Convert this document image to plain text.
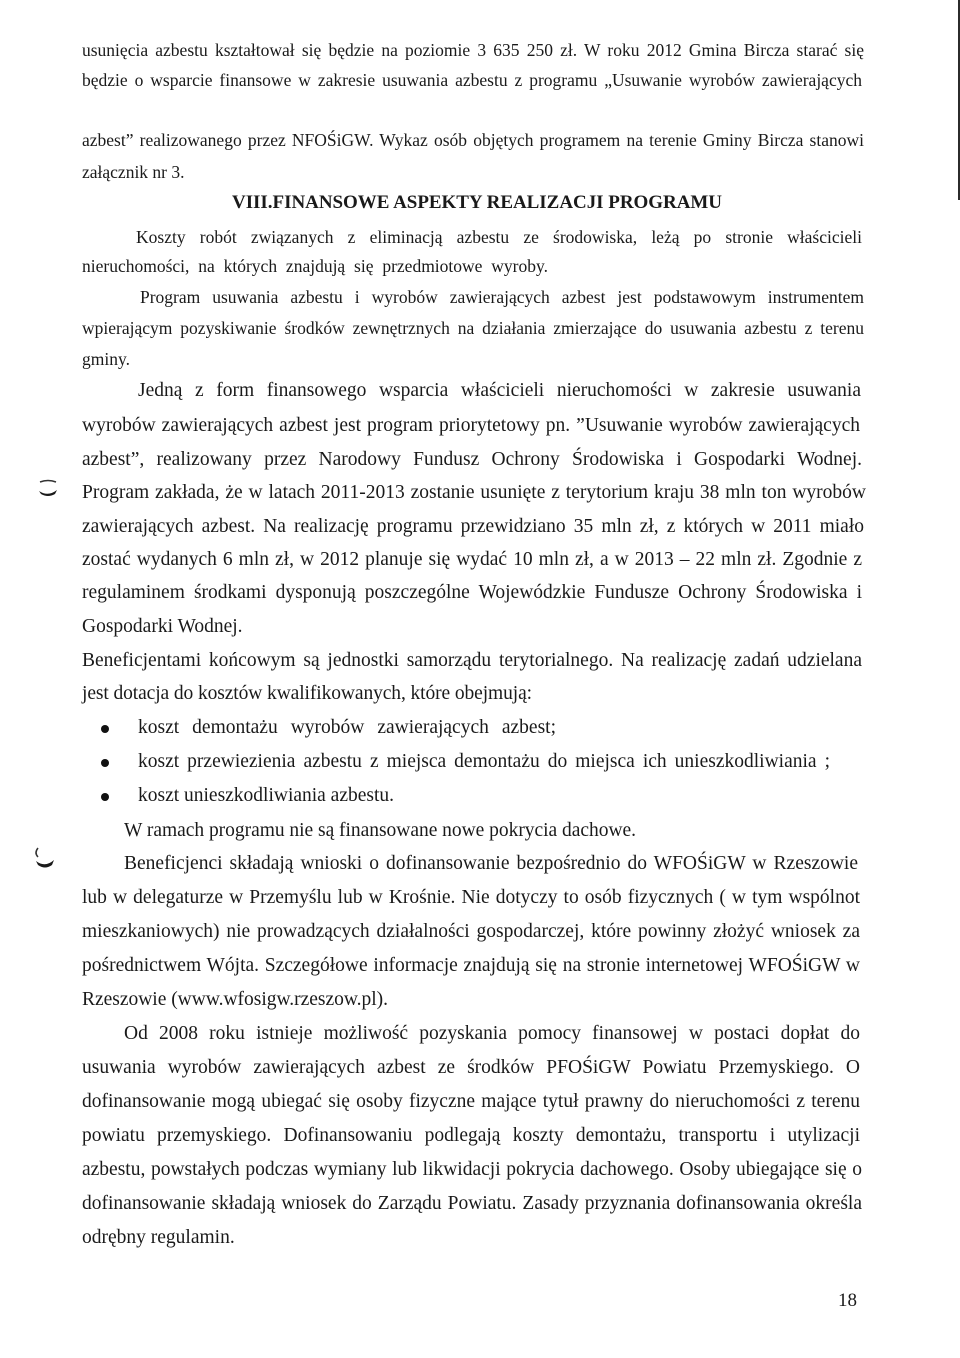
usunięcia azbestu kształtował się będzie na poziomie 3 635 250 zł. W roku 2012 Gmina Bircza starać się
będzie o wsparcie finansowe w zakresie usuwania azbestu z programu „Usuwanie wyrobów zawierających
azbest” realizowanego przez NFOŚiGW. Wykaz osób objętych programem na terenie Gminy Bircza stanowi
załącznik nr 3.
VIII.FINANSOWE ASPEKTY REALIZACJI PROGRAMU
Koszty robót związanych z eliminacją azbestu ze środowiska, leżą po stronie właścicieli
nieruchomości, na których znajdują się przedmiotowe wyroby.
Program usuwania azbestu i wyrobów zawierających azbest jest podstawowym instrumentem
wpierającym pozyskiwanie środków zewnętrznych na działania zmierzające do usuwania azbestu z terenu
gminy.
Jedną z form finansowego wsparcia właścicieli nieruchomości w zakresie usuwania
wyrobów zawierających azbest jest program priorytetowy pn. ”Usuwanie wyrobów zawierających
azbest”, realizowany przez Narodowy Fundusz Ochrony Środowiska i Gospodarki Wodnej.
Program zakłada, że w latach 2011-2013 zostanie usunięte z terytorium kraju 38 mln ton wyrobów
zawierających azbest. Na realizację programu przewidziano 35 mln zł, z których w 2011 miało
zostać wydanych 6 mln zł, w 2012 planuje się wydać 10 mln zł, a w 2013 – 22 mln zł. Zgodnie z
regulaminem środkami dysponują poszczególne Wojewódzkie Fundusze Ochrony Środowiska i
Gospodarki Wodnej.
Beneficjentami końcowym są jednostki samorządu terytorialnego. Na realizację zadań udzielana
jest dotacja do kosztów kwalifikowanych, które obejmują:
koszt demontażu wyrobów zawierających azbest;
koszt przewiezienia azbestu z miejsca demontażu do miejsca ich unieszkodliwiania ;
koszt unieszkodliwiania azbestu.
W ramach programu nie są finansowane nowe pokrycia dachowe.
Beneficjenci składają wnioski o dofinansowanie bezpośrednio do WFOŚiGW w Rzeszowie
lub w delegaturze w Przemyślu lub w Krośnie. Nie dotyczy to osób fizycznych ( w tym wspólnot
mieszkaniowych) nie prowadzących działalności gospodarczej, które powinny złożyć wniosek za
pośrednictwem Wójta. Szczegółowe informacje znajdują się na stronie internetowej WFOŚiGW w
Rzeszowie (www.wfosigw.rzeszow.pl).
Od 2008 roku istnieje możliwość pozyskania pomocy finansowej w postaci dopłat do
usuwania wyrobów zawierających azbest ze środków PFOŚiGW Powiatu Przemyskiego. O
dofinansowanie mogą ubiegać się osoby fizyczne mające tytuł prawny do nieruchomości z terenu
powiatu przemyskiego. Dofinansowaniu podlegają koszty demontażu, transportu i utylizacji
azbestu, powstałych podczas wymiany lub likwidacji pokrycia dachowego. Osoby ubiegające się o
dofinansowanie składają wniosek do Zarządu Powiatu. Zasady przyznania dofinansowania określa
odrębny regulamin.
18
